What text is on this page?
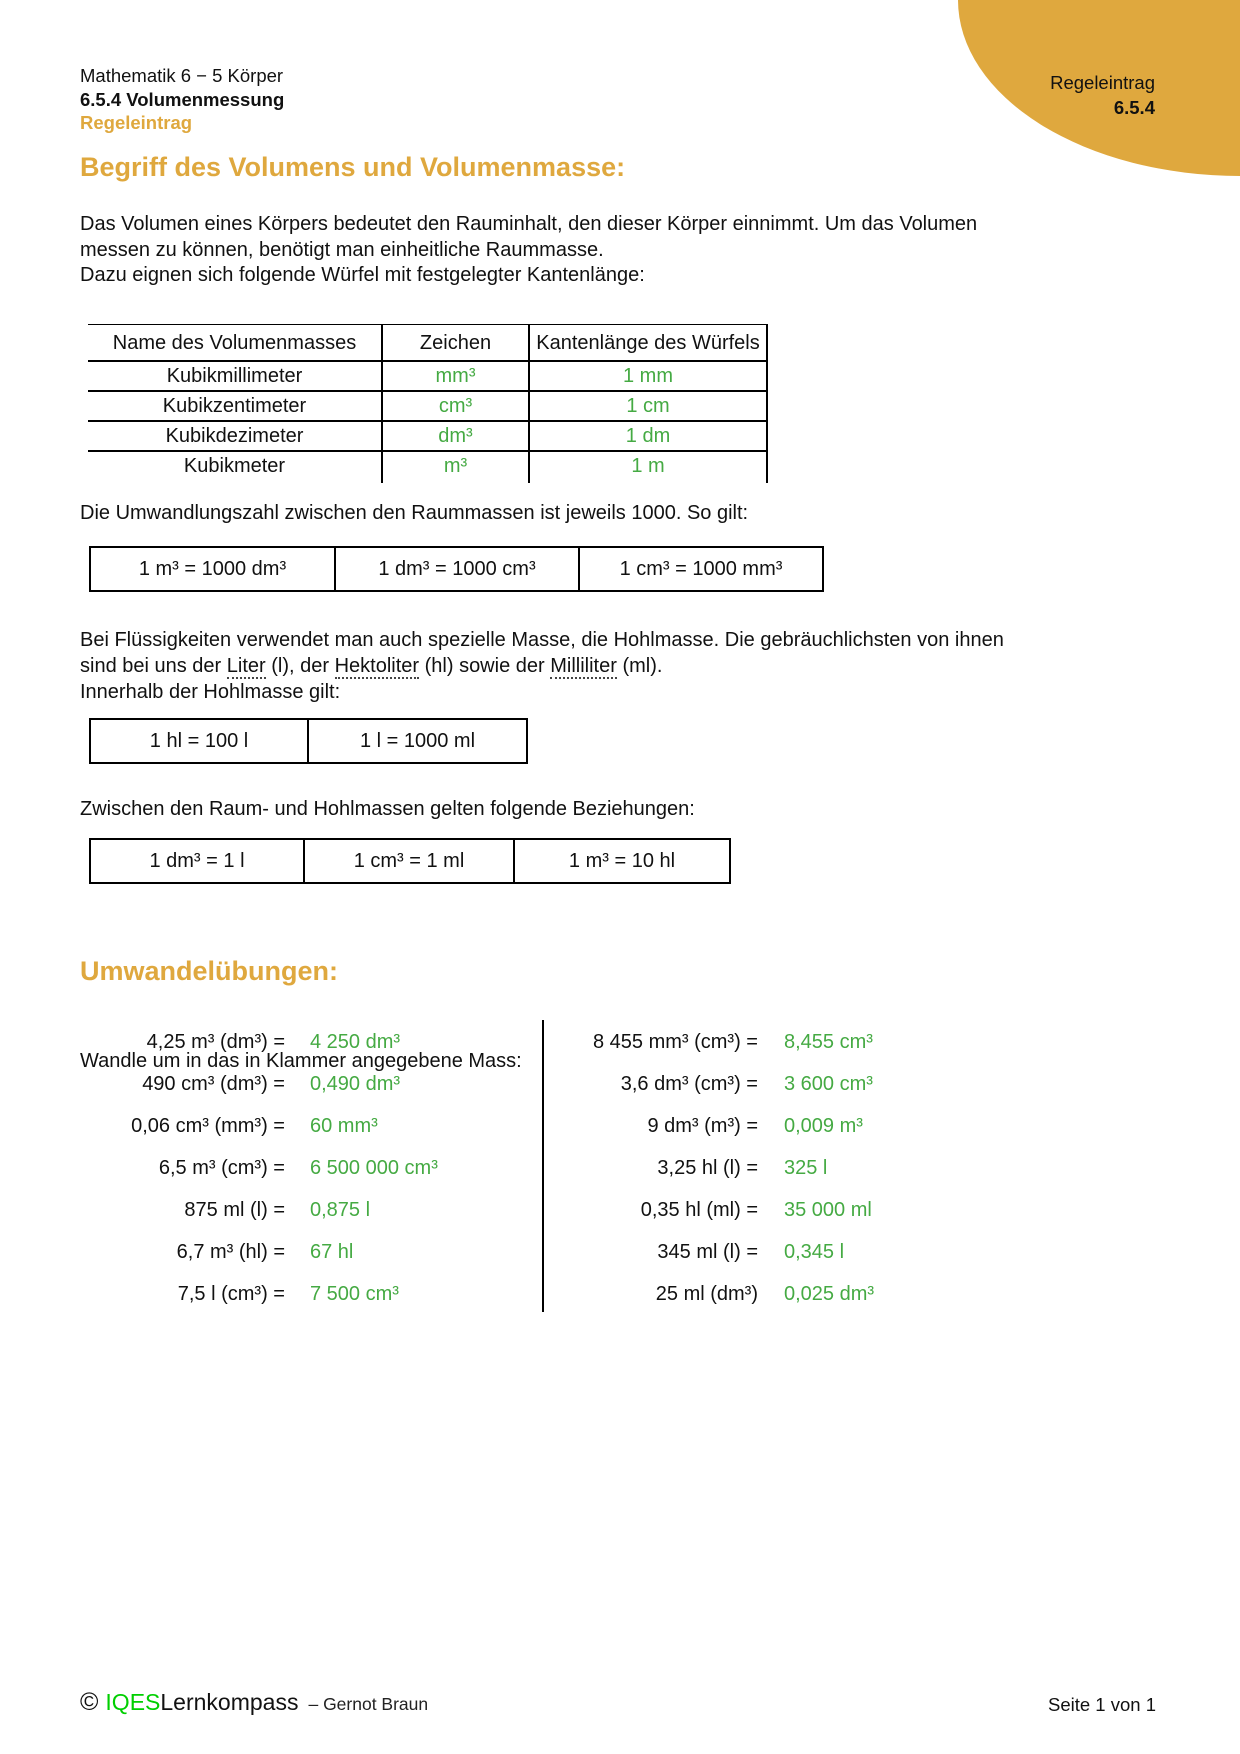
Regeleintrag
6.5.4
Mathematik 6 − 5 Körper
6.5.4 Volumenmessung
Regeleintrag
Begriff des Volumens und Volumenmasse:
Das Volumen eines Körpers bedeutet den Rauminhalt, den dieser Körper einnimmt. Um das Volumen
messen zu können, benötigt man einheitliche Raummasse.
Dazu eignen sich folgende Würfel mit festgelegter Kantenlänge:
Name des Volumenmasses	Zeichen	Kantenlänge des Würfels
Kubikmillimeter	mm³	1 mm
Kubikzentimeter	cm³	1 cm
Kubikdezimeter	dm³	1 dm
Kubikmeter	m³	1 m
Die Umwandlungszahl zwischen den Raummassen ist jeweils 1000. So gilt:
1 m³ = 1000 dm³	1 dm³ = 1000 cm³	1 cm³ = 1000 mm³
Bei Flüssigkeiten verwendet man auch spezielle Masse, die Hohlmasse. Die gebräuchlichsten von ihnen
sind bei uns der Liter (l), der Hektoliter (hl) sowie der Milliliter (ml).
Innerhalb der Hohlmasse gilt:
1 hl = 100 l	1 l = 1000 ml
Zwischen den Raum- und Hohlmassen gelten folgende Beziehungen:
1 dm³ = 1 l	1 cm³ = 1 ml	1 m³ = 10 hl
Umwandelübungen:
Wandle um in das in Klammer angegebene Mass:
4,25 m³ (dm³) = 4 250 dm³
490 cm³ (dm³) = 0,490 dm³
0,06 cm³ (mm³) = 60 mm³
6,5 m³ (cm³) = 6 500 000 cm³
875 ml (l) = 0,875 l
6,7 m³ (hl) = 67 hl
7,5 l (cm³) = 7 500 cm³
8 455 mm³ (cm³) = 8,455 cm³
3,6 dm³ (cm³) = 3 600 cm³
9 dm³ (m³) = 0,009 m³
3,25 hl (l) = 325 l
0,35 hl (ml) = 35 000 ml
345 ml (l) = 0,345 l
25 ml (dm³) 0,025 dm³
© IQES Lernkompass – Gernot Braun	Seite 1 von 1
